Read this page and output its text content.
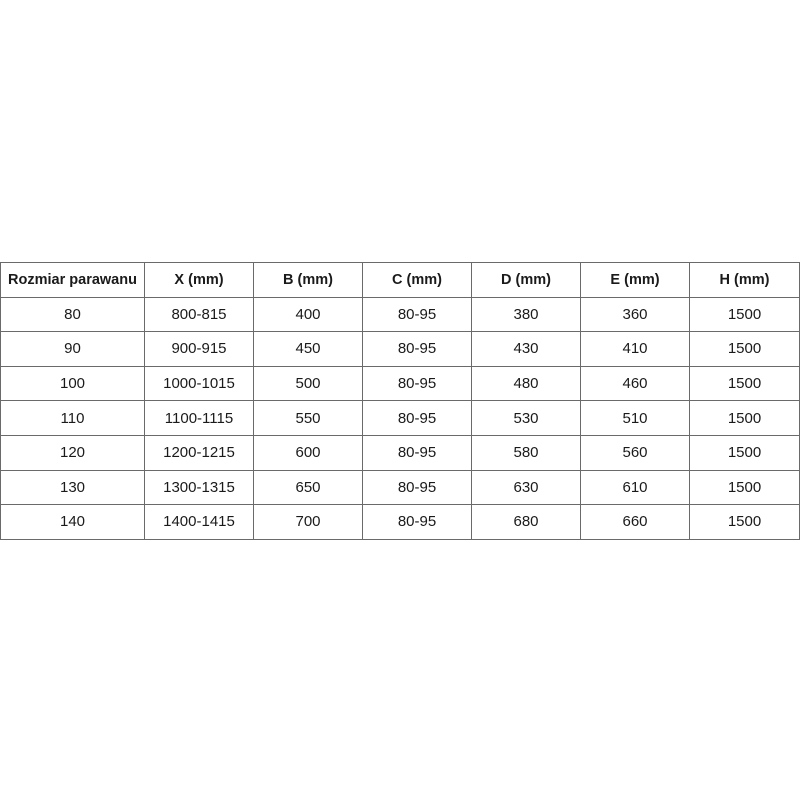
Rozmiar parawanu	X (mm)	B (mm)	C (mm)	D (mm)	E (mm)	H (mm)
80	800-815	400	80-95	380	360	1500
90	900-915	450	80-95	430	410	1500
100	1000-1015	500	80-95	480	460	1500
110	1100-1115	550	80-95	530	510	1500
120	1200-1215	600	80-95	580	560	1500
130	1300-1315	650	80-95	630	610	1500
140	1400-1415	700	80-95	680	660	1500
